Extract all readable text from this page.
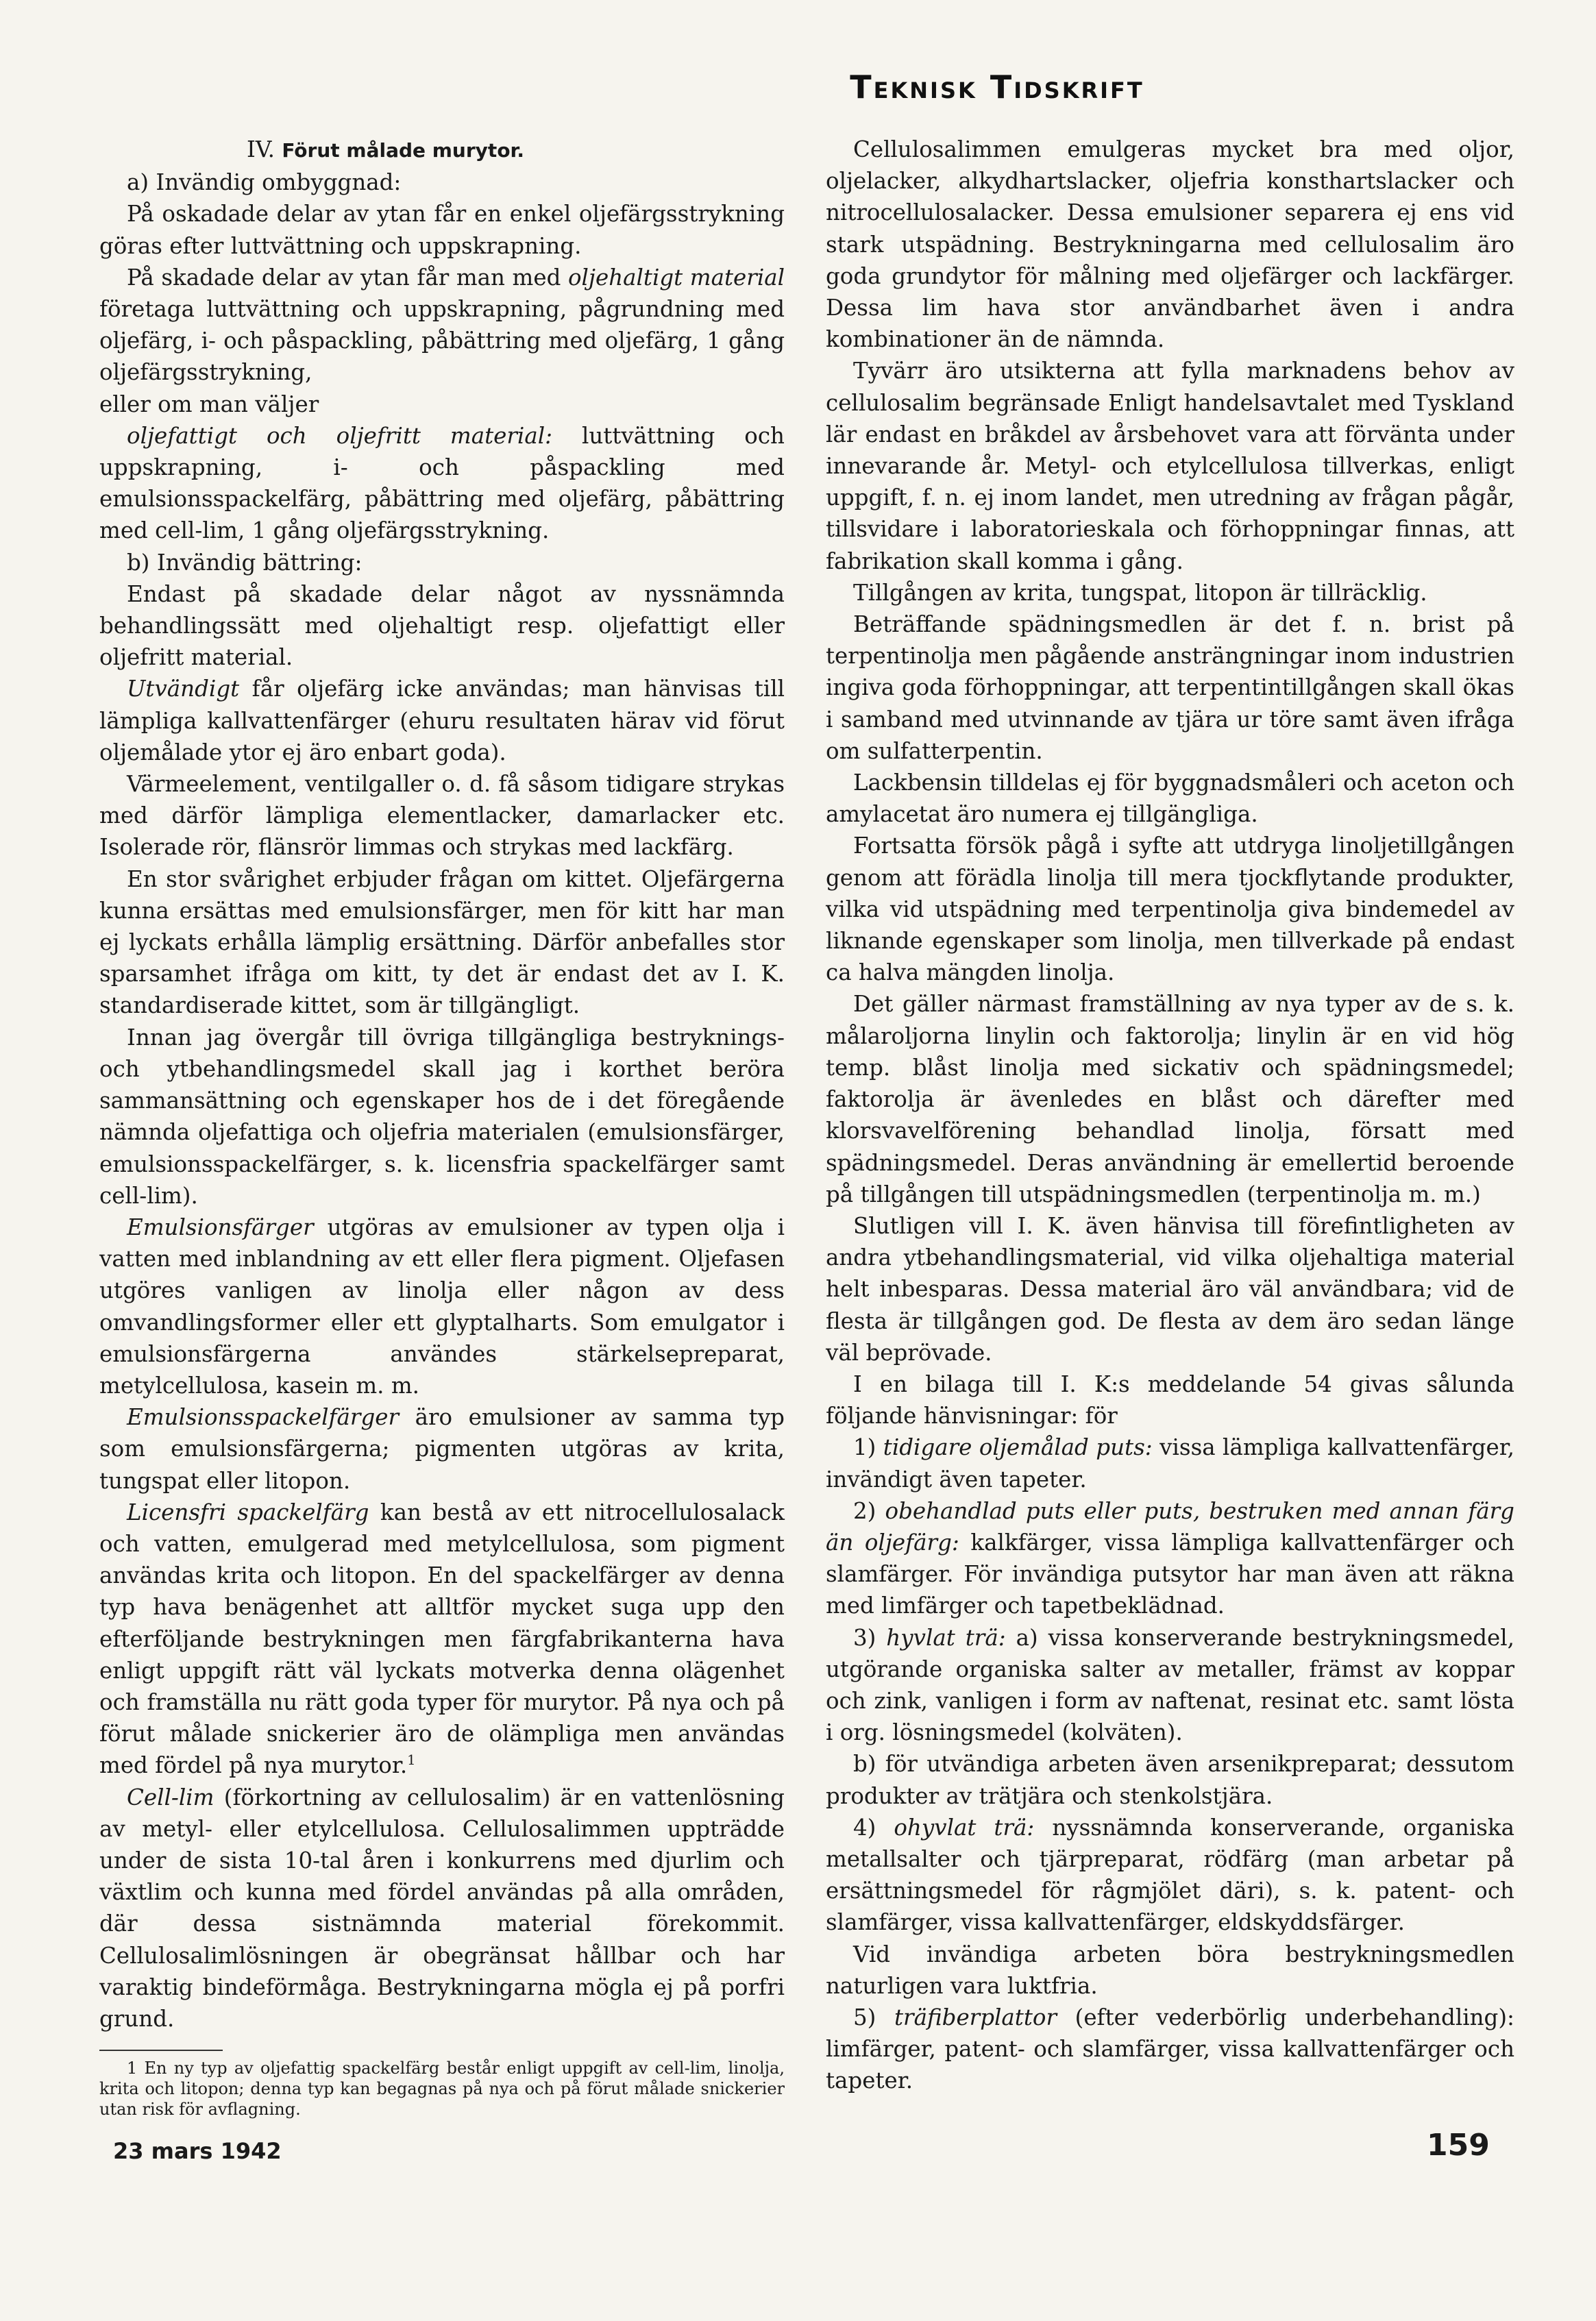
Teknisk Tidskrift

IV. Förut målade murytor.

a) Invändig ombyggnad:

På oskadade delar av ytan får en enkel oljefärgsstrykning göras efter luttvättning och uppskrapning.

På skadade delar av ytan får man med oljehaltigt material företaga luttvättning och uppskrapning, pågrundning med oljefärg, i- och påspackling, påbättring med oljefärg, 1 gång oljefärgsstrykning,

eller om man väljer

oljefattigt och oljefritt material: luttvättning och uppskrapning, i- och påspackling med emulsionsspackelfärg, påbättring med oljefärg, påbättring med cell-lim, 1 gång oljefärgsstrykning.

b) Invändig bättring:

Endast på skadade delar något av nyssnämnda behandlingssätt med oljehaltigt resp. oljefattigt eller oljefritt material.

Utvändigt får oljefärg icke användas; man hänvisas till lämpliga kallvattenfärger (ehuru resultaten härav vid förut oljemålade ytor ej äro enbart goda).

Värmeelement, ventilgaller o. d. få såsom tidigare strykas med därför lämpliga elementlacker, damarlacker etc. Isolerade rör, flänsrör limmas och strykas med lackfärg.

En stor svårighet erbjuder frågan om kittet. Oljefärgerna kunna ersättas med emulsionsfärger, men för kitt har man ej lyckats erhålla lämplig ersättning. Därför anbefalles stor sparsamhet ifråga om kitt, ty det är endast det av I. K. standardiserade kittet, som är tillgängligt.

Innan jag övergår till övriga tillgängliga bestryknings- och ytbehandlingsmedel skall jag i korthet beröra sammansättning och egenskaper hos de i det föregående nämnda oljefattiga och oljefria materialen (emulsionsfärger, emulsionsspackelfärger, s. k. licensfria spackelfärger samt cell-lim).

Emulsionsfärger utgöras av emulsioner av typen olja i vatten med inblandning av ett eller flera pigment. Oljefasen utgöres vanligen av linolja eller någon av dess omvandlingsformer eller ett glyptalharts. Som emulgator i emulsionsfärgerna användes stärkelsepreparat, metylcellulosa, kasein m. m.

Emulsionsspackelfärger äro emulsioner av samma typ som emulsionsfärgerna; pigmenten utgöras av krita, tungspat eller litopon.

Licensfri spackelfärg kan bestå av ett nitrocellulosalack och vatten, emulgerad med metylcellulosa, som pigment användas krita och litopon. En del spackelfärger av denna typ hava benägenhet att alltför mycket suga upp den efterföljande bestrykningen men färgfabrikanterna hava enligt uppgift rätt väl lyckats motverka denna olägenhet och framställa nu rätt goda typer för murytor. På nya och på förut målade snickerier äro de olämpliga men användas med fördel på nya murytor.$^1$

Cell-lim (förkortning av cellulosalim) är en vattenlösning av metyl- eller etylcellulosa. Cellulosalimmen uppträdde under de sista 10-tal åren i konkurrens med djurlim och växtlim och kunna med fördel användas på alla områden, där dessa sistnämnda material förekommit. Cellulosalimlösningen är obegränsat hållbar och har varaktig bindeförmåga. Bestrykningarna mögla ej på porfri grund.

1 En ny typ av oljefattig spackelfärg består enligt uppgift av cell-lim, linolja, krita och litopon; denna typ kan begagnas på nya och på förut målade snickerier utan risk för avflagning.

Cellulosalimmen emulgeras mycket bra med oljor, oljelacker, alkydhartslacker, oljefria konsthartslacker och nitrocellulosalacker. Dessa emulsioner separera ej ens vid stark utspädning. Bestrykningarna med cellulosalim äro goda grundytor för målning med oljefärger och lackfärger. Dessa lim hava stor användbarhet även i andra kombinationer än de nämnda.

Tyvärr äro utsikterna att fylla marknadens behov av cellulosalim begränsade Enligt handelsavtalet med Tyskland lär endast en bråkdel av årsbehovet vara att förvänta under innevarande år. Metyl- och etylcellulosa tillverkas, enligt uppgift, f. n. ej inom landet, men utredning av frågan pågår, tillsvidare i laboratorieskala och förhoppningar finnas, att fabrikation skall komma i gång.

Tillgången av krita, tungspat, litopon är tillräcklig.

Beträffande spädningsmedlen är det f. n. brist på terpentinolja men pågående ansträngningar inom industrien ingiva goda förhoppningar, att terpentintillgången skall ökas i samband med utvinnande av tjära ur töre samt även ifråga om sulfatterpentin.

Lackbensin tilldelas ej för byggnadsmåleri och aceton och amylacetat äro numera ej tillgängliga.

Fortsatta försök pågå i syfte att utdryga linoljetillgången genom att förädla linolja till mera tjockflytande produkter, vilka vid utspädning med terpentinolja giva bindemedel av liknande egenskaper som linolja, men tillverkade på endast ca halva mängden linolja.

Det gäller närmast framställning av nya typer av de s. k. målaroljorna linylin och faktorolja; linylin är en vid hög temp. blåst linolja med sickativ och spädningsmedel; faktorolja är ävenledes en blåst och därefter med klorsvavelförening behandlad linolja, försatt med spädningsmedel. Deras användning är emellertid beroende på tillgången till utspädningsmedlen (terpentinolja m. m.)

Slutligen vill I. K. även hänvisa till förefintligheten av andra ytbehandlingsmaterial, vid vilka oljehaltiga material helt inbesparas. Dessa material äro väl användbara; vid de flesta är tillgången god. De flesta av dem äro sedan länge väl beprövade.

I en bilaga till I. K:s meddelande 54 givas sålunda följande hänvisningar: för

1) tidigare oljemålad puts: vissa lämpliga kallvattenfärger, invändigt även tapeter.

2) obehandlad puts eller puts, bestruken med annan färg än oljefärg: kalkfärger, vissa lämpliga kallvattenfärger och slamfärger. För invändiga putsytor har man även att räkna med limfärger och tapetbeklädnad.

3) hyvlat trä: a) vissa konserverande bestrykningsmedel, utgörande organiska salter av metaller, främst av koppar och zink, vanligen i form av naftenat, resinat etc. samt lösta i org. lösningsmedel (kolväten).

b) för utvändiga arbeten även arsenikpreparat; dessutom produkter av trätjära och stenkolstjära.

4) ohyvlat trä: nyssnämnda konserverande, organiska metallsalter och tjärpreparat, rödfärg (man arbetar på ersättningsmedel för rågmjölet däri), s. k. patent- och slamfärger, vissa kallvattenfärger, eldskyddsfärger.

Vid invändiga arbeten böra bestrykningsmedlen naturligen vara luktfria.

5) träfiberplattor (efter vederbörlig underbehandling): limfärger, patent- och slamfärger, vissa kallvattenfärger och tapeter.

23 mars 1942	159
